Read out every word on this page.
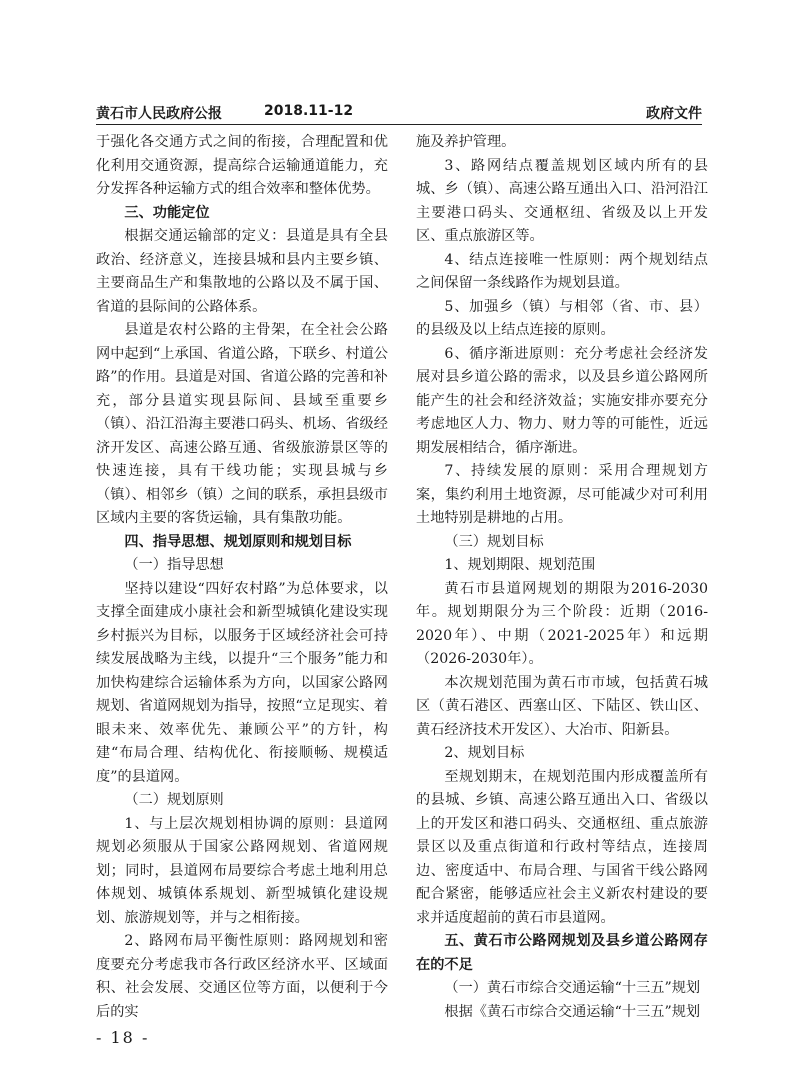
黄石市人民政府公报	2018.11-12	政府文件

于强化各交通方式之间的衔接，合理配置和优化利用交通资源，提高综合运输通道能力，充分发挥各种运输方式的组合效率和整体优势。

三、功能定位

根据交通运输部的定义：县道是具有全县政治、经济意义，连接县城和县内主要乡镇、主要商品生产和集散地的公路以及不属于国、省道的县际间的公路体系。

县道是农村公路的主骨架，在全社会公路网中起到“上承国、省道公路，下联乡、村道公路”的作用。县道是对国、省道公路的完善和补充，部分县道实现县际间、县域至重要乡（镇）、沿江沿海主要港口码头、机场、省级经济开发区、高速公路互通、省级旅游景区等的快速连接，具有干线功能；实现县城与乡（镇）、相邻乡（镇）之间的联系，承担县级市区域内主要的客货运输，具有集散功能。

四、指导思想、规划原则和规划目标

（一）指导思想

坚持以建设“四好农村路”为总体要求，以支撑全面建成小康社会和新型城镇化建设实现乡村振兴为目标，以服务于区域经济社会可持续发展战略为主线，以提升“三个服务”能力和加快构建综合运输体系为方向，以国家公路网规划、省道网规划为指导，按照“立足现实、着眼未来、效率优先、兼顾公平”的方针，构建“布局合理、结构优化、衔接顺畅、规模适度”的县道网。

（二）规划原则

1、与上层次规划相协调的原则：县道网规划必须服从于国家公路网规划、省道网规划；同时，县道网布局要综合考虑土地利用总体规划、城镇体系规划、新型城镇化建设规划、旅游规划等，并与之相衔接。

2、路网布局平衡性原则：路网规划和密度要充分考虑我市各行政区经济水平、区域面积、社会发展、交通区位等方面，以便利于今后的实

施及养护管理。

3、路网结点覆盖规划区域内所有的县城、乡（镇）、高速公路互通出入口、沿河沿江主要港口码头、交通枢纽、省级及以上开发区、重点旅游区等。

4、结点连接唯一性原则：两个规划结点之间保留一条线路作为规划县道。

5、加强乡（镇）与相邻（省、市、县）的县级及以上结点连接的原则。

6、循序渐进原则：充分考虑社会经济发展对县乡道公路的需求，以及县乡道公路网所能产生的社会和经济效益；实施安排亦要充分考虑地区人力、物力、财力等的可能性，近远期发展相结合，循序渐进。

7、持续发展的原则：采用合理规划方案，集约利用土地资源，尽可能减少对可利用土地特别是耕地的占用。

（三）规划目标

1、规划期限、规划范围

黄石市县道网规划的期限为2016-2030年。规划期限分为三个阶段：近期（2016-2020年）、中期（2021-2025年）和远期（2026-2030年）。

本次规划范围为黄石市市域，包括黄石城区（黄石港区、西塞山区、下陆区、铁山区、黄石经济技术开发区）、大冶市、阳新县。

2、规划目标

至规划期末，在规划范围内形成覆盖所有的县城、乡镇、高速公路互通出入口、省级以上的开发区和港口码头、交通枢纽、重点旅游景区以及重点街道和行政村等结点，连接周边、密度适中、布局合理、与国省干线公路网配合紧密，能够适应社会主义新农村建设的要求并适度超前的黄石市县道网。

五、黄石市公路网规划及县乡道公路网存在的不足

（一）黄石市综合交通运输“十三五”规划

根据《黄石市综合交通运输“十三五”规划

- 18 -
